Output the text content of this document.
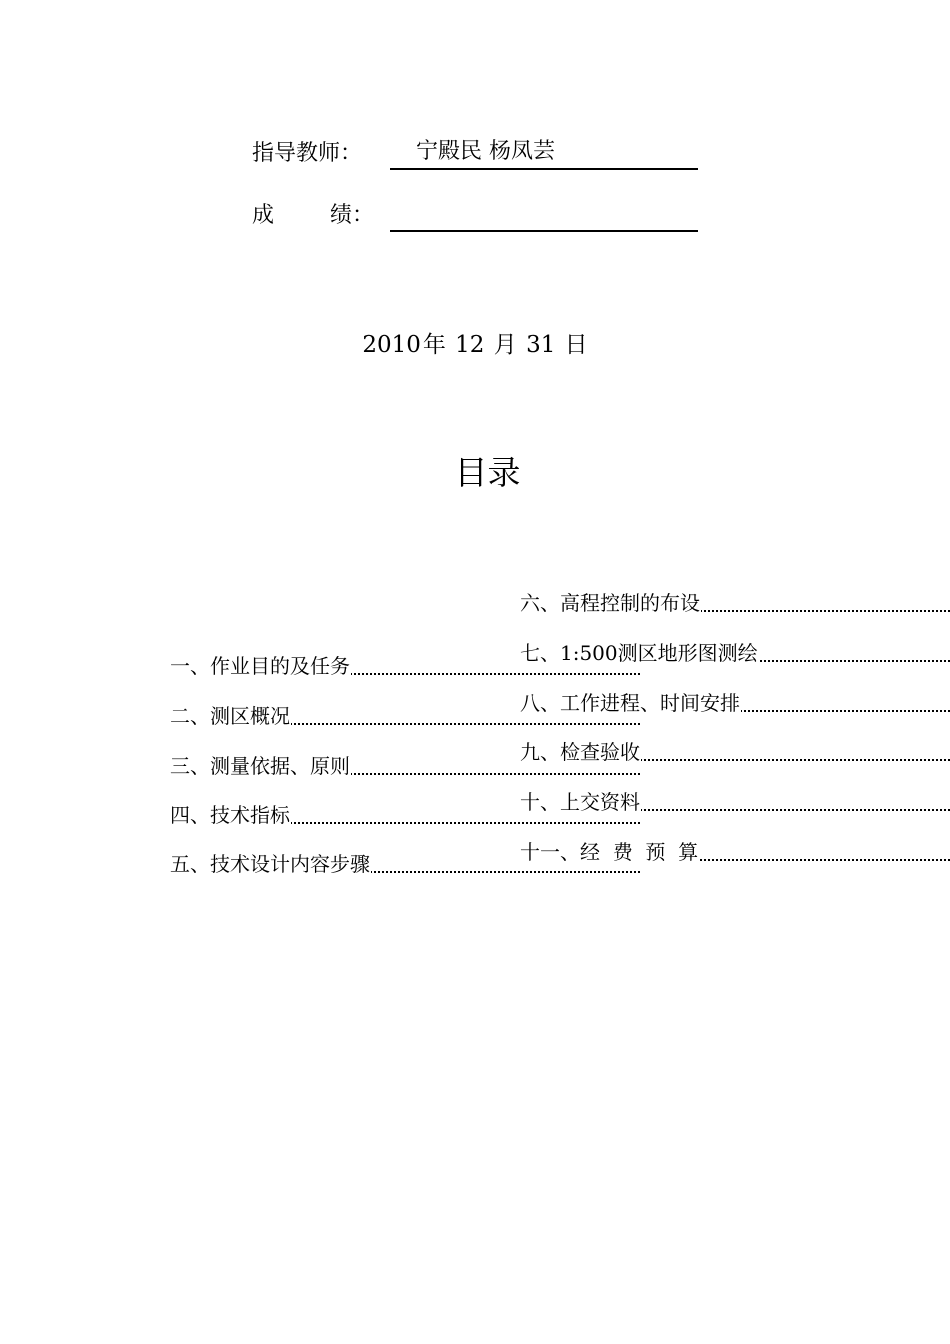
指导教师： 宁殿民 杨凤芸
成        绩：
2010年 12 月 31 日
目录
一、作业目的及任务
二、测区概况
三、测量依据、原则
四、技术指标
五、技术设计内容步骤
六、高程控制的布设
七、1:500测区地形图测绘
八、工作进程、时间安排
九、检查验收
十、上交资料
十一、经  费  预  算
